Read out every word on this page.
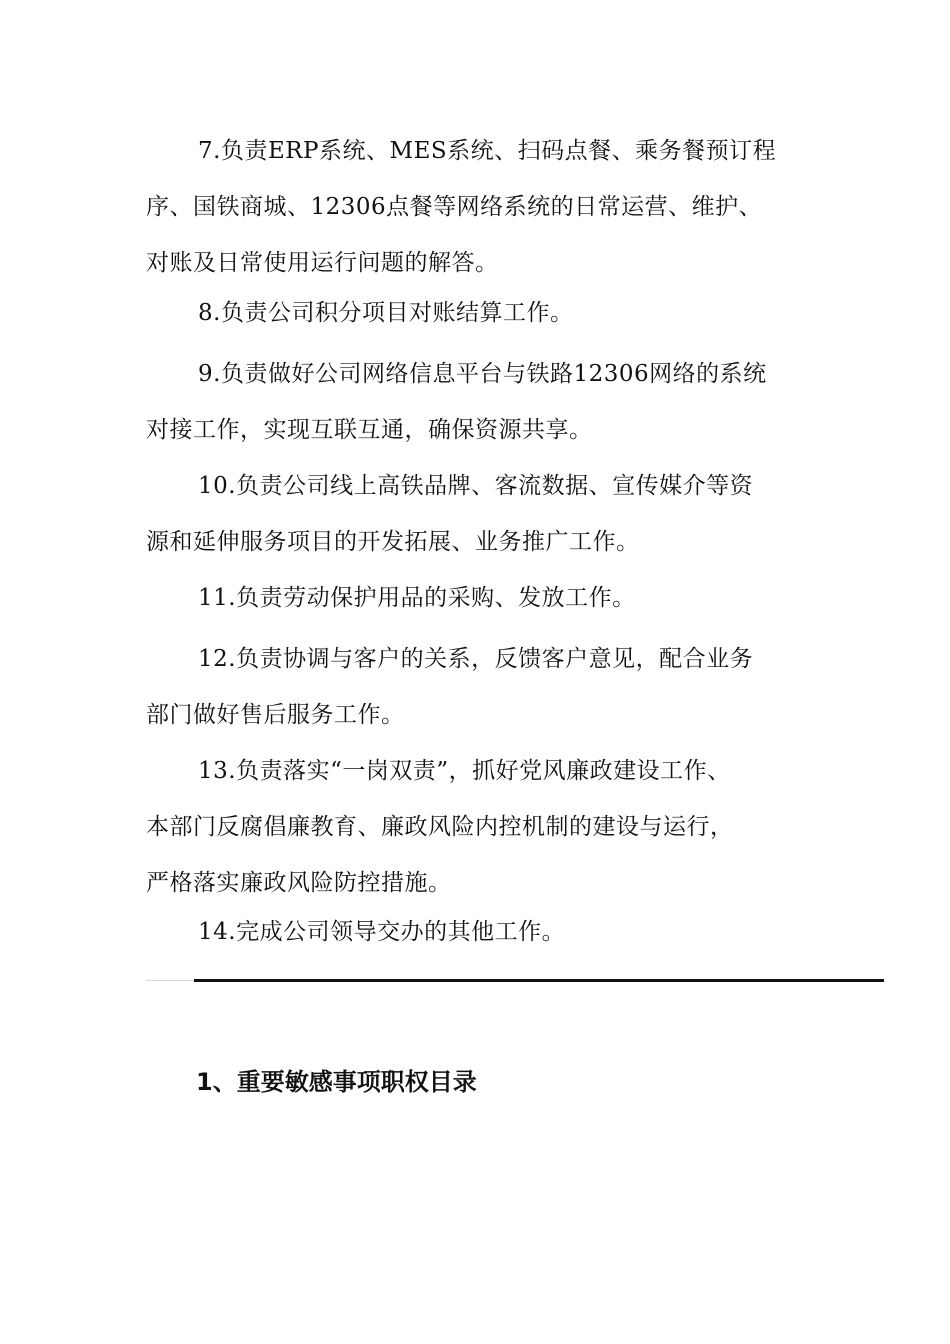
7.负责ERP系统、MES系统、扫码点餐、乘务餐预订程
序、国铁商城、12306点餐等网络系统的日常运营、维护、
对账及日常使用运行问题的解答。

8.负责公司积分项目对账结算工作。

9.负责做好公司网络信息平台与铁路12306网络的系统
对接工作，实现互联互通，确保资源共享。

10.负责公司线上高铁品牌、客流数据、宣传媒介等资
源和延伸服务项目的开发拓展、业务推广工作。

11.负责劳动保护用品的采购、发放工作。

12.负责协调与客户的关系，反馈客户意见，配合业务
部门做好售后服务工作。

13.负责落实“一岗双责”，抓好党风廉政建设工作、
本部门反腐倡廉教育、廉政风险内控机制的建设与运行，
严格落实廉政风险防控措施。

14.完成公司领导交办的其他工作。

1、重要敏感事项职权目录
